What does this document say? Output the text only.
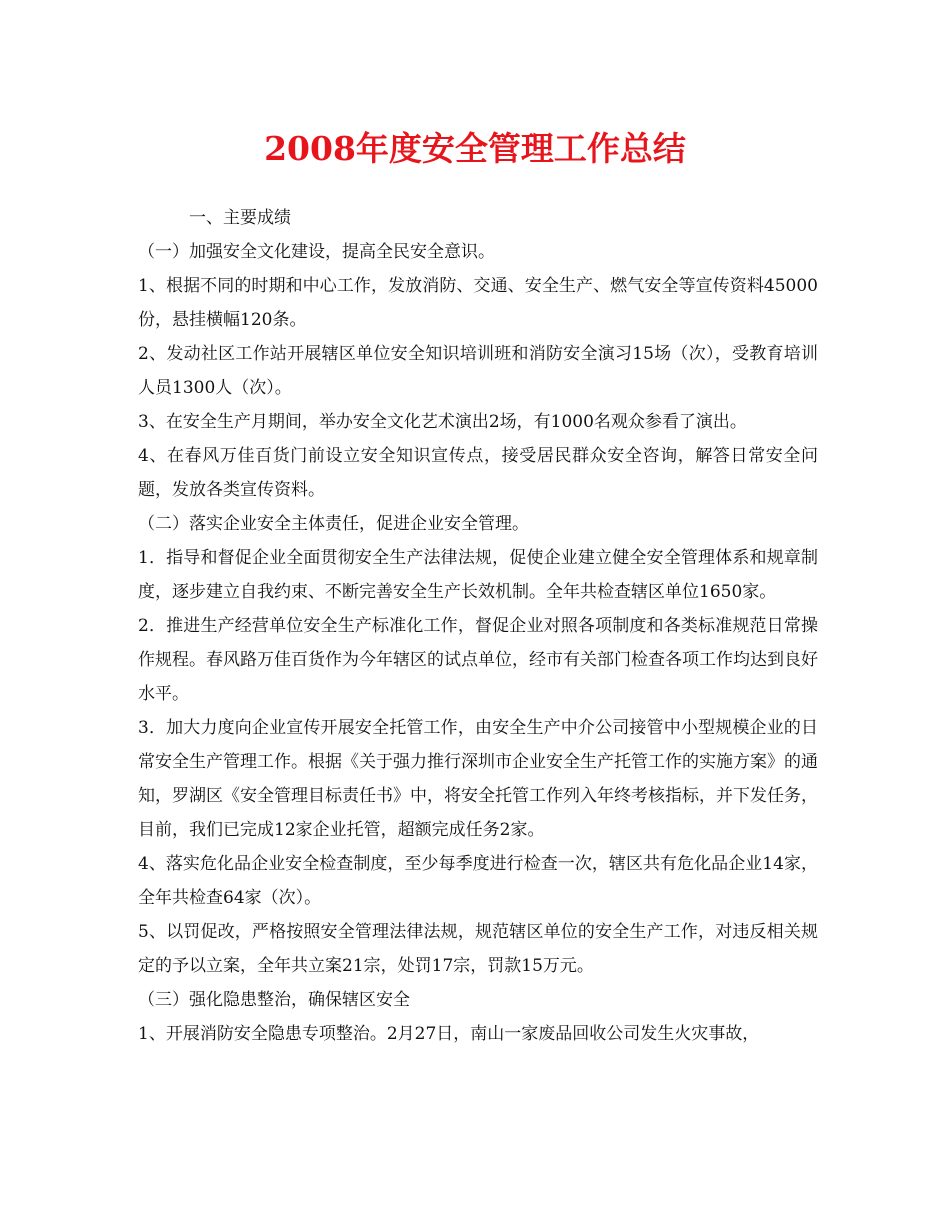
2008年度安全管理工作总结

一、主要成绩

（一）加强安全文化建设，提高全民安全意识。

1、根据不同的时期和中心工作，发放消防、交通、安全生产、燃气安全等宣传资料45000份，悬挂横幅120条。

2、发动社区工作站开展辖区单位安全知识培训班和消防安全演习15场（次），受教育培训人员1300人（次）。

3、在安全生产月期间，举办安全文化艺术演出2场，有1000名观众参看了演出。

4、在春风万佳百货门前设立安全知识宣传点，接受居民群众安全咨询，解答日常安全问题，发放各类宣传资料。

（二）落实企业安全主体责任，促进企业安全管理。

1．指导和督促企业全面贯彻安全生产法律法规，促使企业建立健全安全管理体系和规章制度，逐步建立自我约束、不断完善安全生产长效机制。全年共检查辖区单位1650家。

2．推进生产经营单位安全生产标准化工作，督促企业对照各项制度和各类标准规范日常操作规程。春风路万佳百货作为今年辖区的试点单位，经市有关部门检查各项工作均达到良好水平。

3．加大力度向企业宣传开展安全托管工作，由安全生产中介公司接管中小型规模企业的日常安全生产管理工作。根据《关于强力推行深圳市企业安全生产托管工作的实施方案》的通知，罗湖区《安全管理目标责任书》中，将安全托管工作列入年终考核指标，并下发任务，目前，我们已完成12家企业托管，超额完成任务2家。

4、落实危化品企业安全检查制度，至少每季度进行检查一次，辖区共有危化品企业14家，全年共检查64家（次）。

5、以罚促改，严格按照安全管理法律法规，规范辖区单位的安全生产工作，对违反相关规定的予以立案，全年共立案21宗，处罚17宗，罚款15万元。

（三）强化隐患整治，确保辖区安全

1、开展消防安全隐患专项整治。2月27日，南山一家废品回收公司发生火灾事故，
